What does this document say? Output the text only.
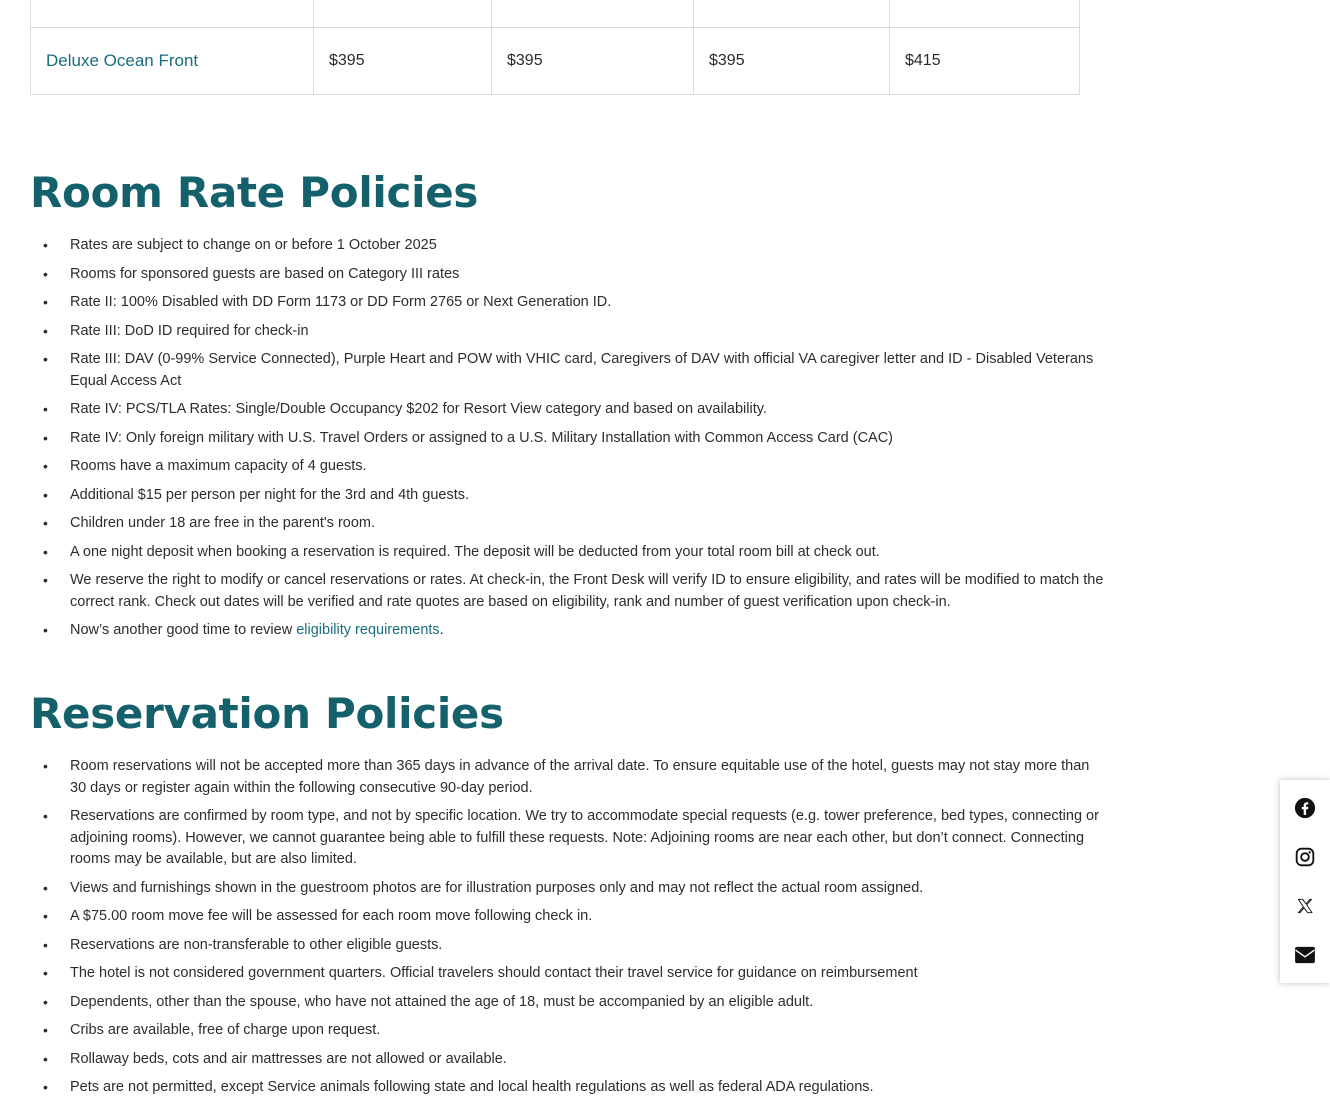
Deluxe Ocean Front	$395	$395	$395	$415
Room Rate Policies
• Rates are subject to change on or before 1 October 2025
• Rooms for sponsored guests are based on Category III rates
• Rate II: 100% Disabled with DD Form 1173 or DD Form 2765 or Next Generation ID.
• Rate III: DoD ID required for check-in
• Rate III: DAV (0-99% Service Connected), Purple Heart and POW with VHIC card, Caregivers of DAV with official VA caregiver letter and ID - Disabled Veterans Equal Access Act
• Rate IV: PCS/TLA Rates: Single/Double Occupancy $202 for Resort View category and based on availability.
• Rate IV: Only foreign military with U.S. Travel Orders or assigned to a U.S. Military Installation with Common Access Card (CAC)
• Rooms have a maximum capacity of 4 guests.
• Additional $15 per person per night for the 3rd and 4th guests.
• Children under 18 are free in the parent's room.
• A one night deposit when booking a reservation is required. The deposit will be deducted from your total room bill at check out.
• We reserve the right to modify or cancel reservations or rates. At check-in, the Front Desk will verify ID to ensure eligibility, and rates will be modified to match the correct rank. Check out dates will be verified and rate quotes are based on eligibility, rank and number of guest verification upon check-in.
• Now’s another good time to review eligibility requirements.
Reservation Policies
• Room reservations will not be accepted more than 365 days in advance of the arrival date. To ensure equitable use of the hotel, guests may not stay more than 30 days or register again within the following consecutive 90-day period.
• Reservations are confirmed by room type, and not by specific location. We try to accommodate special requests (e.g. tower preference, bed types, connecting or adjoining rooms). However, we cannot guarantee being able to fulfill these requests. Note: Adjoining rooms are near each other, but don’t connect. Connecting rooms may be available, but are also limited.
• Views and furnishings shown in the guestroom photos are for illustration purposes only and may not reflect the actual room assigned.
• A $75.00 room move fee will be assessed for each room move following check in.
• Reservations are non-transferable to other eligible guests.
• The hotel is not considered government quarters. Official travelers should contact their travel service for guidance on reimbursement
• Dependents, other than the spouse, who have not attained the age of 18, must be accompanied by an eligible adult.
• Cribs are available, free of charge upon request.
• Rollaway beds, cots and air mattresses are not allowed or available.
• Pets are not permitted, except Service animals following state and local health regulations as well as federal ADA regulations.
